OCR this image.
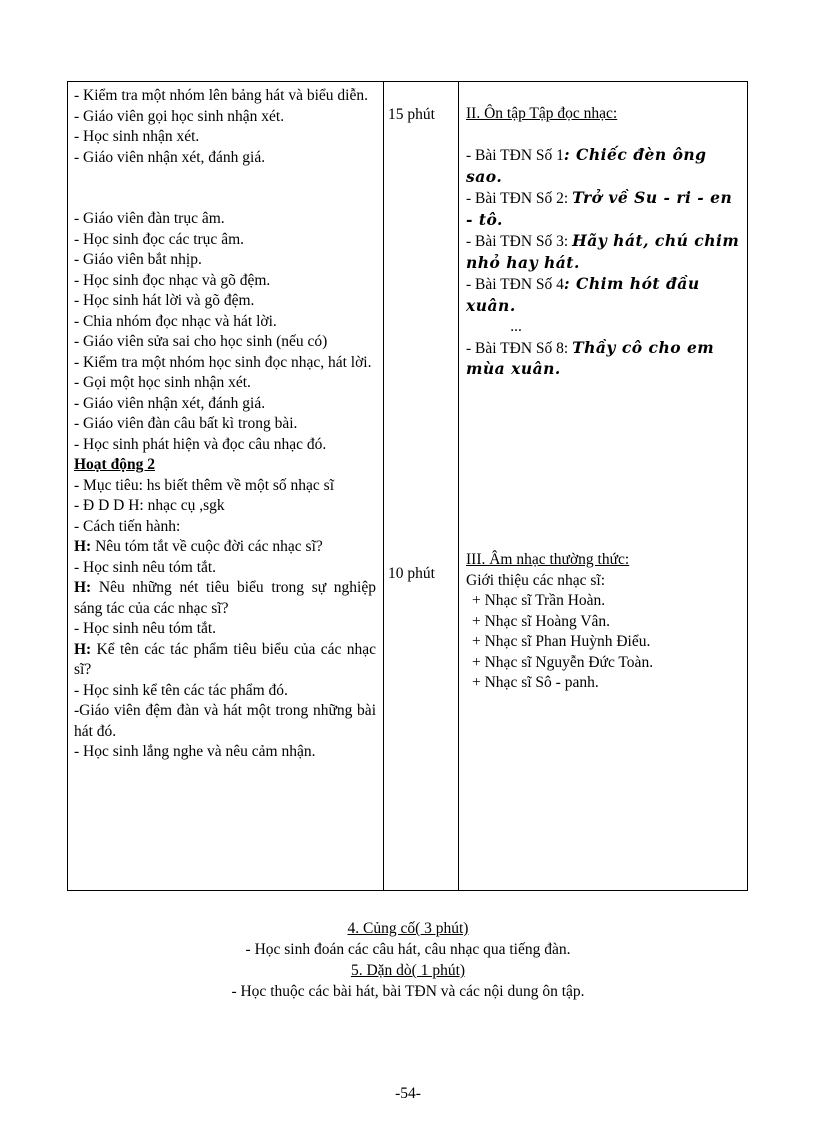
- Kiểm tra một nhóm lên bảng hát và biểu diễn.
- Giáo viên gọi học sinh nhận xét.
- Học sinh nhận xét.
- Giáo viên nhận xét, đánh giá.
- Giáo viên đàn trục âm.
- Học sinh đọc các trục âm.
- Giáo viên bắt nhịp.
- Học sinh đọc nhạc và gõ đệm.
- Học sinh hát lời và gõ đệm.
- Chia nhóm đọc nhạc và hát lời.
- Giáo viên sửa sai cho học sinh (nếu có)
- Kiểm tra một nhóm học sinh đọc nhạc, hát lời.
- Gọi một học sinh nhận xét.
- Giáo viên nhận xét, đánh giá.
- Giáo viên đàn câu bất kì trong bài.
- Học sinh phát hiện và đọc câu nhạc đó.
Hoạt động 2
- Mục tiêu: hs biết thêm về một số nhạc sĩ
- Đ D D H: nhạc cụ ,sgk
- Cách tiến hành:
H: Nêu tóm tắt về cuộc đời các nhạc sĩ?
- Học sinh nêu tóm tắt.
H: Nêu những nét tiêu biểu trong sự nghiệp sáng tác của các nhạc sĩ?
- Học sinh nêu tóm tắt.
H: Kể tên các tác phẩm tiêu biểu của các nhạc sĩ?
- Học sinh kể tên các tác phẩm đó.
-Giáo viên đệm đàn và hát một trong những bài hát đó.
- Học sinh lắng nghe và nêu cảm nhận.
15 phút
10 phút
II. Ôn tập Tập đọc nhạc:
- Bài TĐN Số 1: Chiếc đèn ông sao.
- Bài TĐN Số 2: Trở về Su - ri - en - tô.
- Bài TĐN Số 3: Hãy hát, chú chim nhỏ hay hát.
- Bài TĐN Số 4: Chim hót đầu xuân.
...
- Bài TĐN Số 8: Thầy cô cho em mùa xuân.
III. Âm nhạc thường thức:
Giới thiệu các nhạc sĩ:
+ Nhạc sĩ Trần Hoàn.
+ Nhạc sĩ Hoàng Vân.
+ Nhạc sĩ Phan Huỳnh Điểu.
+ Nhạc sĩ Nguyễn Đức Toàn.
+ Nhạc sĩ Sô - panh.
4. Củng cố( 3 phút)
- Học sinh đoán các câu hát, câu nhạc qua tiếng đàn.
5. Dặn dò( 1 phút)
- Học thuộc các bài hát, bài TĐN và các nội dung ôn tập.
-54-
